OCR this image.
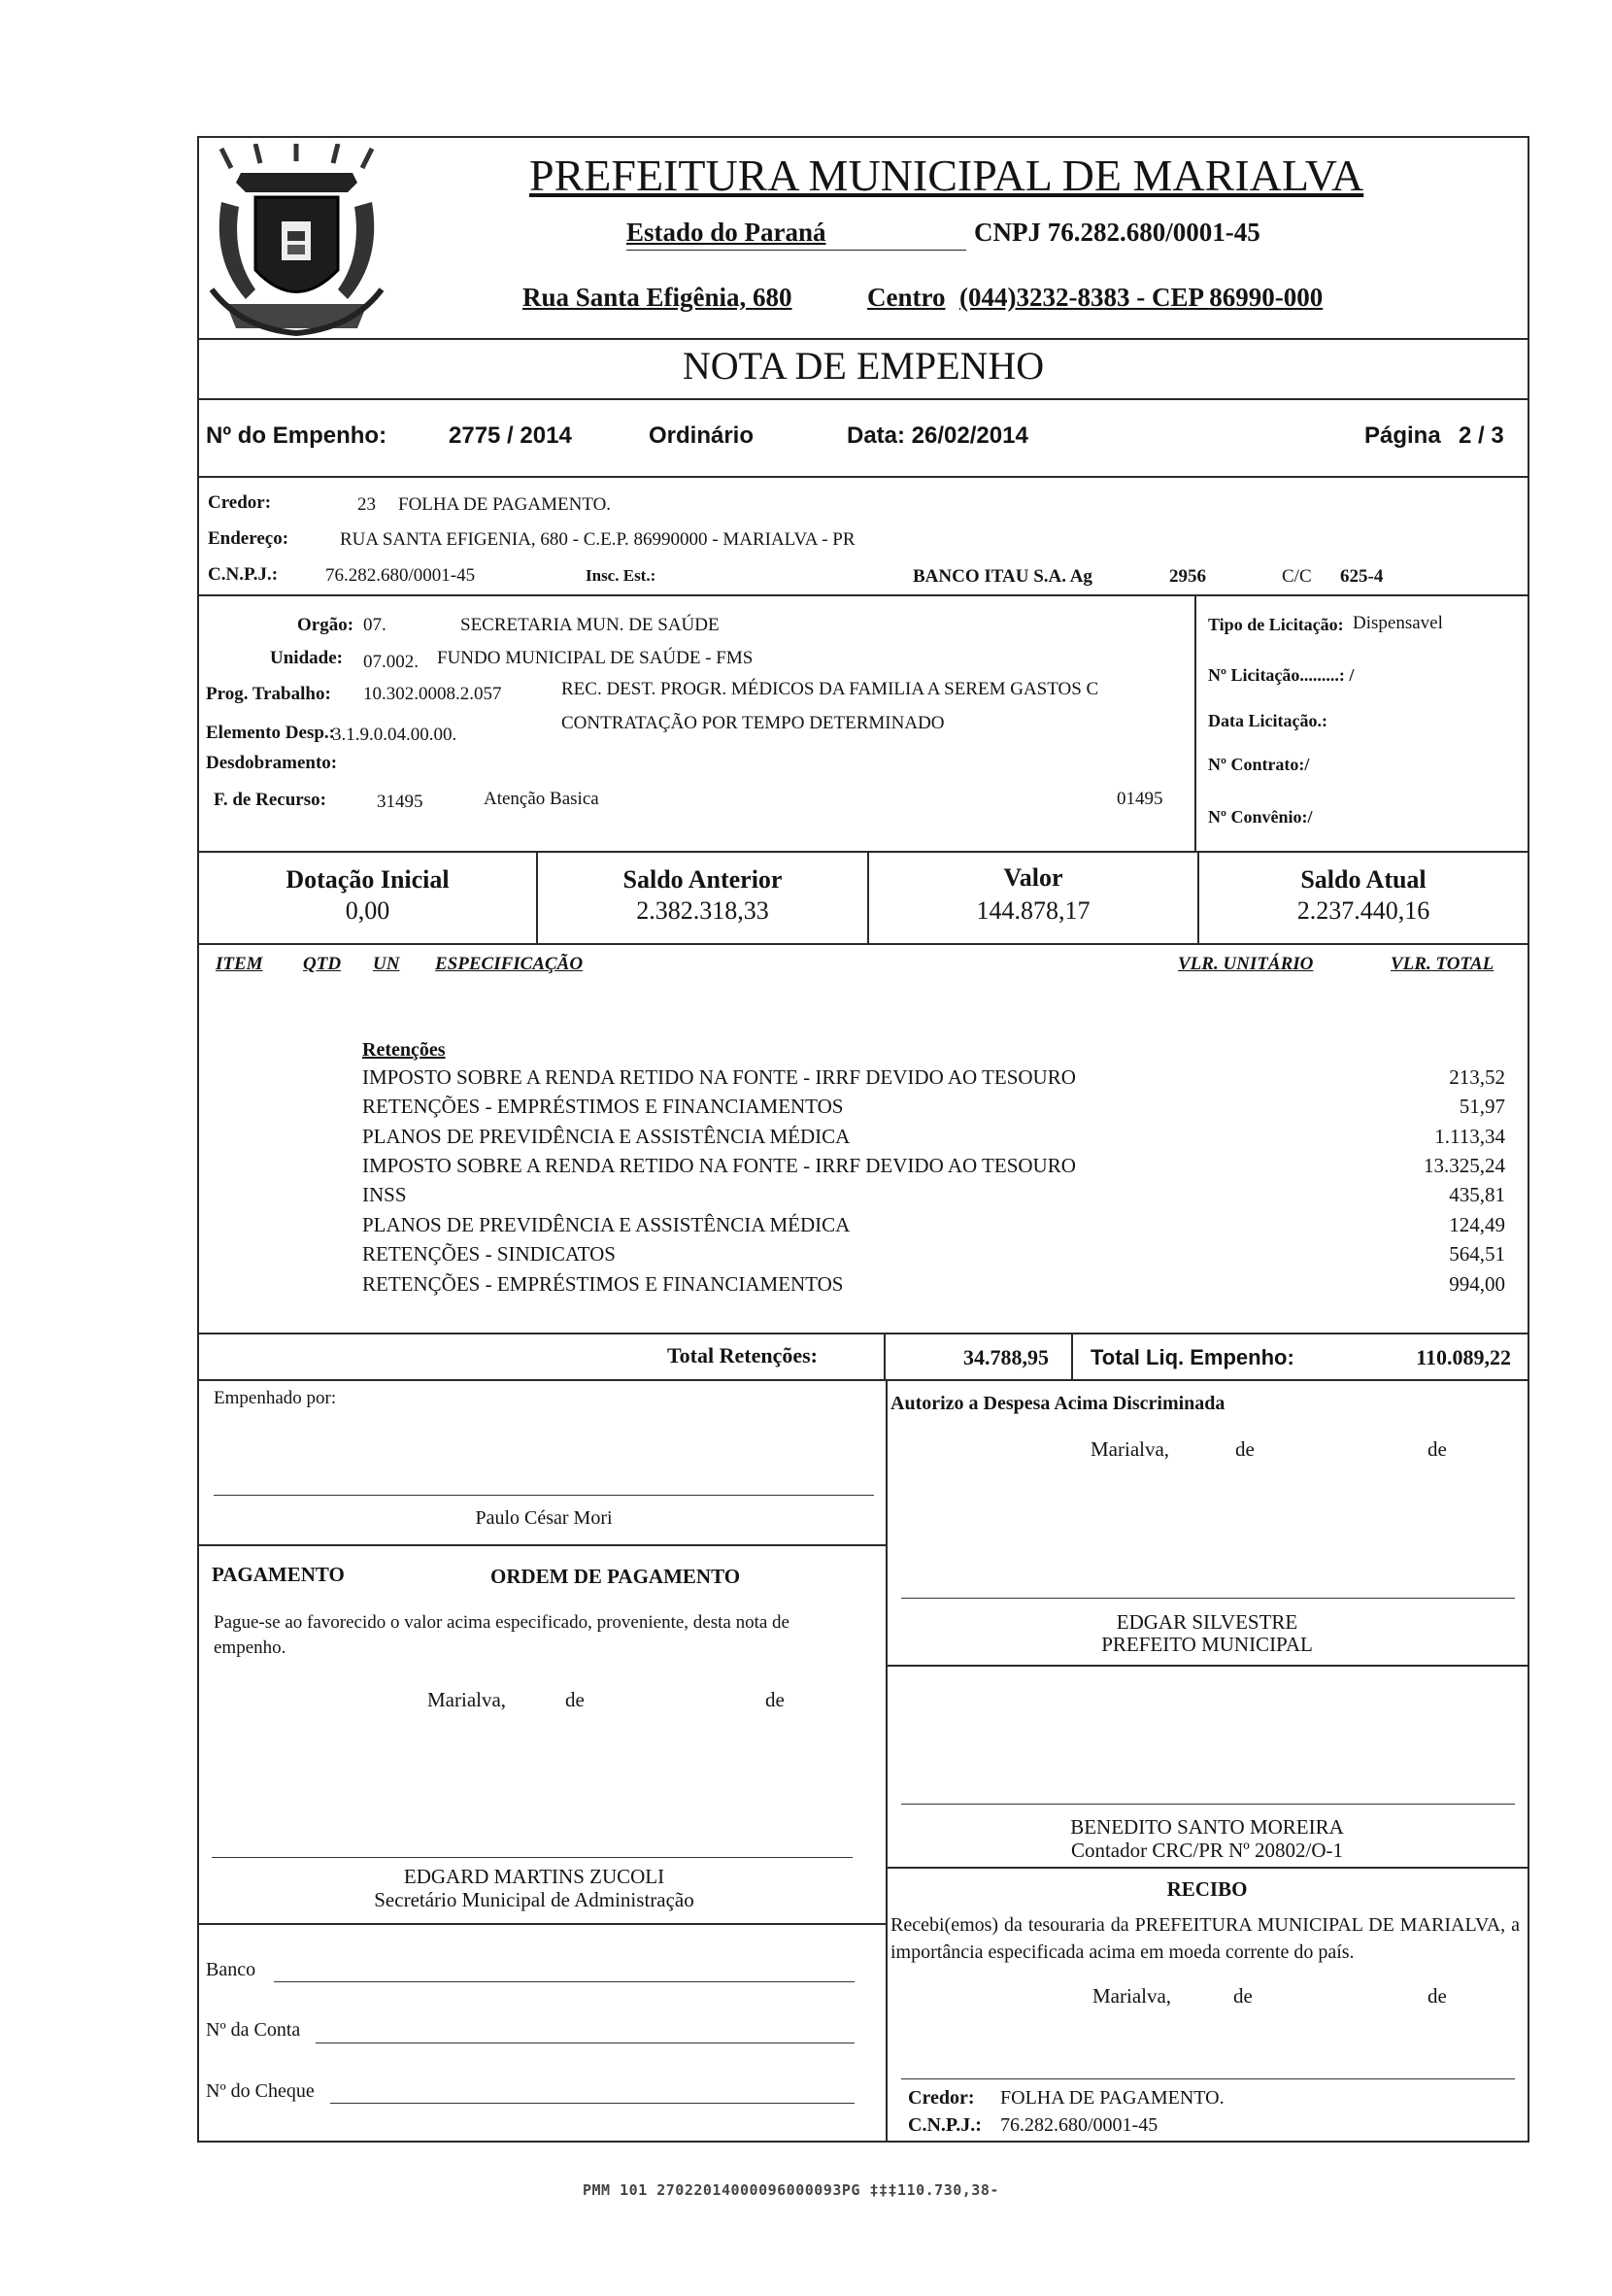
PREFEITURA MUNICIPAL DE MARIALVA
Estado do Paraná	CNPJ 76.282.680/0001-45
Rua Santa Efigênia, 680	Centro (044)3232-8383 - CEP 86990-000
NOTA DE EMPENHO
Nº do Empenho:	2775 / 2014	Ordinário	Data: 26/02/2014	Página 2 / 3
Credor:	23 FOLHA DE PAGAMENTO.
Endereço:	RUA SANTA EFIGENIA, 680 - C.E.P. 86990000 - MARIALVA - PR
C.N.P.J.:	76.282.680/0001-45	Insc. Est.:	BANCO ITAU S.A. Ag	2956	C/C 625-4
Orgão: 07.	SECRETARIA MUN. DE SAÚDE
Unidade: 07.002. FUNDO MUNICIPAL DE SAÚDE - FMS
Prog. Trabalho: 10.302.0008.2.057	REC. DEST. PROGR. MÉDICOS DA FAMILIA A SEREM GASTOS C
Elemento Desp.:
3.1.9.0.04.00.00.
CONTRATAÇÃO POR TEMPO DETERMINADO
Desdobramento:
F. de Recurso:	31495	Atenção Basica	01495
Tipo de Licitação: Dispensavel
Nº Licitação.........: /
Data Licitação.:
Nº Contrato:/
Nº Convênio:/
Dotação Inicial
0,00
Saldo Anterior
2.382.318,33
Valor
144.878,17
Saldo Atual
2.237.440,16
ITEM QTD UN ESPECIFICAÇÃO	VLR. UNITÁRIO	VLR. TOTAL
Retenções
IMPOSTO SOBRE A RENDA RETIDO NA FONTE - IRRF DEVIDO AO TESOURO	213,52
RETENÇÕES - EMPRÉSTIMOS E FINANCIAMENTOS	51,97
PLANOS DE PREVIDÊNCIA E ASSISTÊNCIA MÉDICA	1.113,34
IMPOSTO SOBRE A RENDA RETIDO NA FONTE - IRRF DEVIDO AO TESOURO	13.325,24
INSS	435,81
PLANOS DE PREVIDÊNCIA E ASSISTÊNCIA MÉDICA	124,49
RETENÇÕES - SINDICATOS	564,51
RETENÇÕES - EMPRÉSTIMOS E FINANCIAMENTOS	994,00
Total Retenções:	34.788,95 Total Liq. Empenho:	110.089,22
Empenhado por:
Paulo César Mori
Autorizo a Despesa Acima Discriminada
Marialva,	de	de
PAGAMENTO	ORDEM DE PAGAMENTO
Pague-se ao favorecido o valor acima especificado, proveniente, desta nota de empenho.
Marialva,	de	de
EDGAR SILVESTRE
PREFEITO MUNICIPAL
BENEDITO SANTO MOREIRA
Contador CRC/PR Nº 20802/O-1
EDGARD MARTINS ZUCOLI
Secretário Municipal de Administração	RECIBO
Recebi(emos) da tesouraria da PREFEITURA MUNICIPAL DE MARIALVA, a importância especificada acima em moeda corrente do país.
Marialva,	de	de
Banco
Nº da Conta
Nº do Cheque	Credor: FOLHA DE PAGAMENTO.
C.N.P.J.: 76.282.680/0001-45
PMM 101 27022014000096000093PG ‡‡‡110.730,38-
